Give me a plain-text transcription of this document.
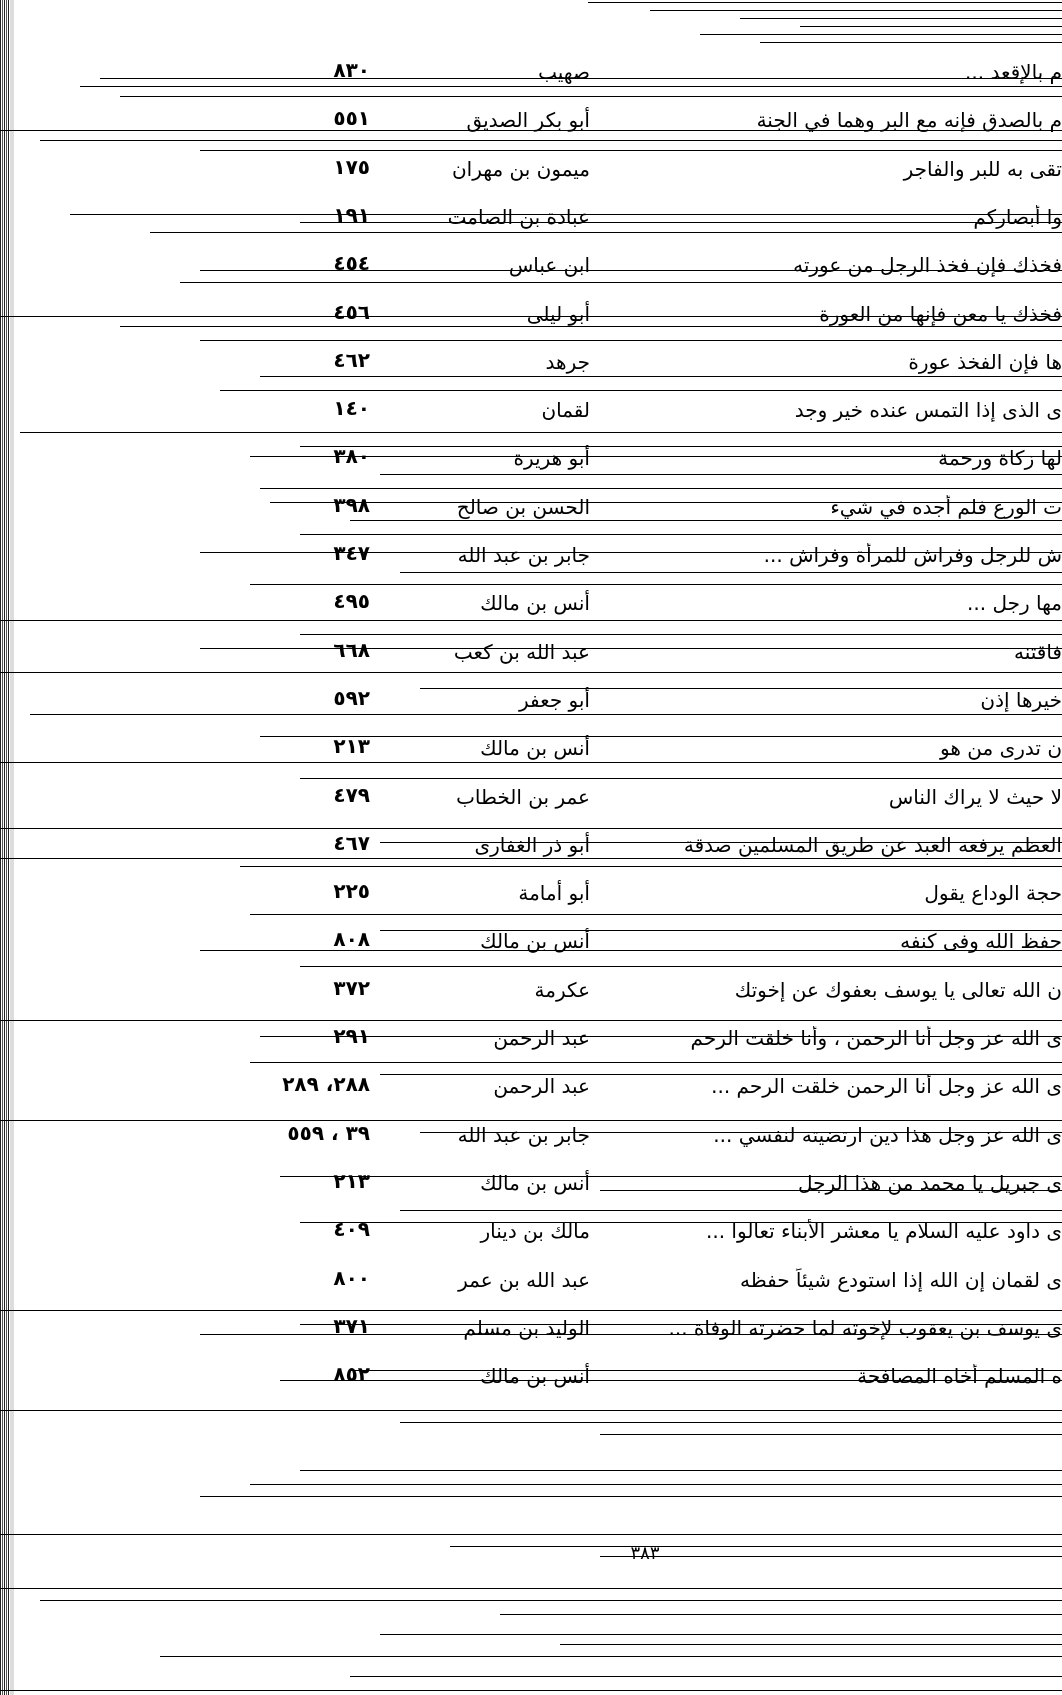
م بالإقعد ...
صهيب
٨٣٠
م بالصدق فإنه مع البر وهما في الجنة
أبو بكر الصديق
٥٥١
تقى به للبر والفاجر
ميمون بن مهران
١٧٥
وا أبصاركم
عبادة بن الصامت
١٩١
فخذك فإن فخذ الرجل من عورته
ابن عباس
٤٥٤
فخذك يا معن فإنها من العورة
أبو ليلى
٤٥٦
ها فإن الفخذ عورة
جرهد
٤٦٢
ى الذى إذا التمس عنده خير وجد
لقمان
١٤٠
لها زكاة ورحمة
أبو هريرة
٣٨٠
ت الورع فلم أجده في شيء
الحسن بن صالح
٣٩٨
ش للرجل وفراش للمرأة وفراش ...
جابر بن عبد الله
٣٤٧
مها رجل ...
أنس بن مالك
٤٩٥
فاقتنه
عبد الله بن كعب
٦٦٨
خيرها إذن
أبو جعفر
٥٩٢
ن تدرى من هو
أنس بن مالك
٢١٣
لا حيث لا يراك الناس
عمر بن الخطاب
٤٧٩
العظم يرفعه العبد عن طريق المسلمين صدقة
أبو ذر الغفارى
٤٦٧
حجة الوداع يقول
أبو أمامة
٢٢٥
حفظ الله وفى كنفه
أنس بن مالك
٨٠٨
ن الله تعالى يا يوسف بعفوك عن إخوتك
عكرمة
٣٧٢
ى الله عز وجل أنا الرحمن ، وأنا خلقت الرحم
عبد الرحمن
٢٩١
ى الله عز وجل أنا الرحمن خلقت الرحم ...
عبد الرحمن
٢٨٨، ٢٨٩
ى الله عز وجل هذا دين ارتضيته لنفسي ...
جابر بن عبد الله
٣٩ ، ٥٥٩
ى جبريل يا محمد من هذا الرجل
أنس بن مالك
٢١٣
ى داود عليه السلام يا معشر الأبناء تعالوا ...
مالك بن دينار
٤٠٩
ى لقمان إن الله إذا استودع شيئاً حفظه
عبد الله بن عمر
٨٠٠
ى يوسف بن يعقوب لإخوته لما حضرته الوفاة ...
الوليد بن مسلم
٣٧١
ه المسلم أخاه المصافحة
أنس بن مالك
٨٥٢
٣٨٣
